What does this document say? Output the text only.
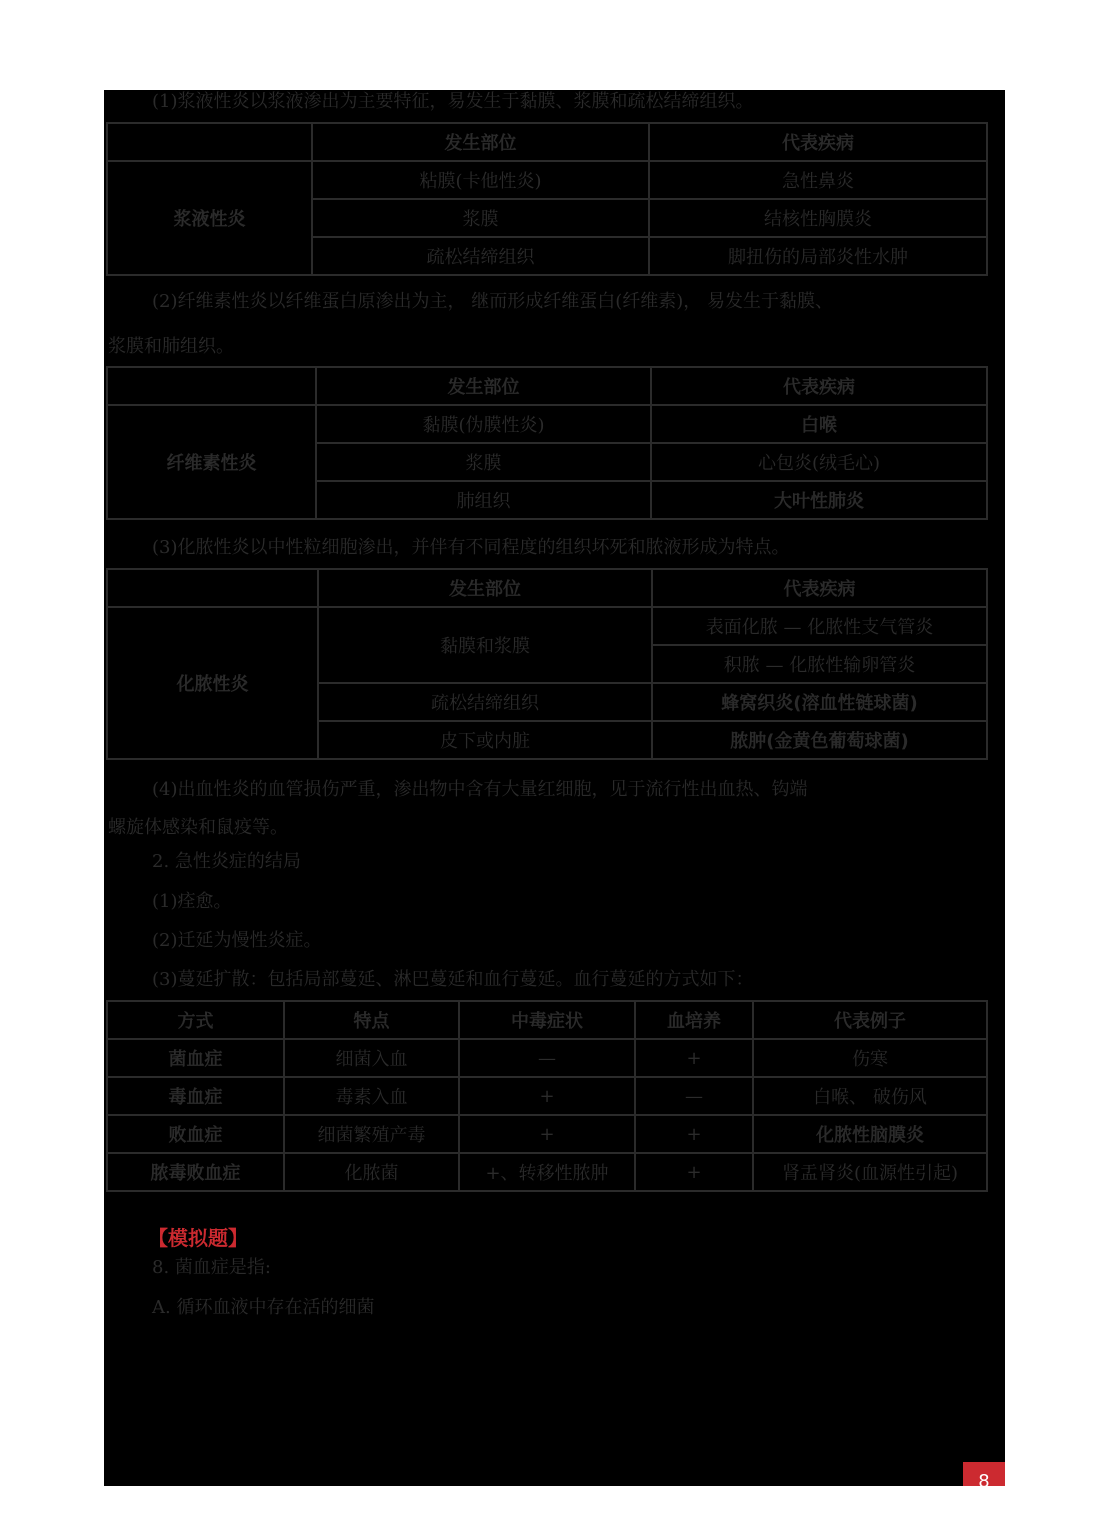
(1)浆液性炎以浆液渗出为主要特征，易发生于黏膜、浆膜和疏松结缔组织。
	发生部位	代表疾病
浆液性炎	粘膜(卡他性炎)	急性鼻炎
	浆膜	结核性胸膜炎
	疏松结缔组织	脚扭伤的局部炎性水肿
(2)纤维素性炎以纤维蛋白原渗出为主， 继而形成纤维蛋白(纤维素)， 易发生于黏膜、
浆膜和肺组织。
	发生部位	代表疾病
纤维素性炎	黏膜(伪膜性炎)	白喉
	浆膜	心包炎(绒毛心)
	肺组织	大叶性肺炎
(3)化脓性炎以中性粒细胞渗出，并伴有不同程度的组织坏死和脓液形成为特点。
	发生部位	代表疾病
化脓性炎	黏膜和浆膜	表面化脓 — 化脓性支气管炎
		积脓 — 化脓性输卵管炎
	疏松结缔组织	蜂窝织炎(溶血性链球菌)
	皮下或内脏	脓肿(金黄色葡萄球菌)
(4)出血性炎的血管损伤严重，渗出物中含有大量红细胞，见于流行性出血热、钩端
螺旋体感染和鼠疫等。
2. 急性炎症的结局
(1)痊愈。
(2)迁延为慢性炎症。
(3)蔓延扩散：包括局部蔓延、淋巴蔓延和血行蔓延。血行蔓延的方式如下：
方式	特点	中毒症状	血培养	代表例子
菌血症	细菌入血	—	+	伤寒
毒血症	毒素入血	+	—	白喉、 破伤风
败血症	细菌繁殖产毒	+	+	化脓性脑膜炎
脓毒败血症	化脓菌	+、转移性脓肿	+	肾盂肾炎(血源性引起)
【模拟题】
8. 菌血症是指:
A. 循环血液中存在活的细菌
8
